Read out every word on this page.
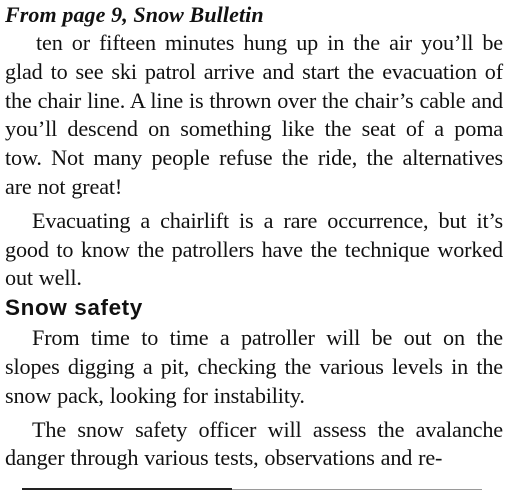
From page 9, Snow Bulletin

ten or fifteen minutes hung up in the air you’ll be glad to see ski patrol arrive and start the evacuation of the chair line. A line is thrown over the chair’s cable and you’ll descend on something like the seat of a poma tow. Not many people refuse the ride, the alternatives are not great!

Evacuating a chairlift is a rare occurrence, but it’s good to know the patrollers have the technique worked out well.

Snow safety

From time to time a patroller will be out on the slopes digging a pit, checking the various levels in the snow pack, looking for instability.

The snow safety officer will assess the avalanche danger through various tests, observations and re-
